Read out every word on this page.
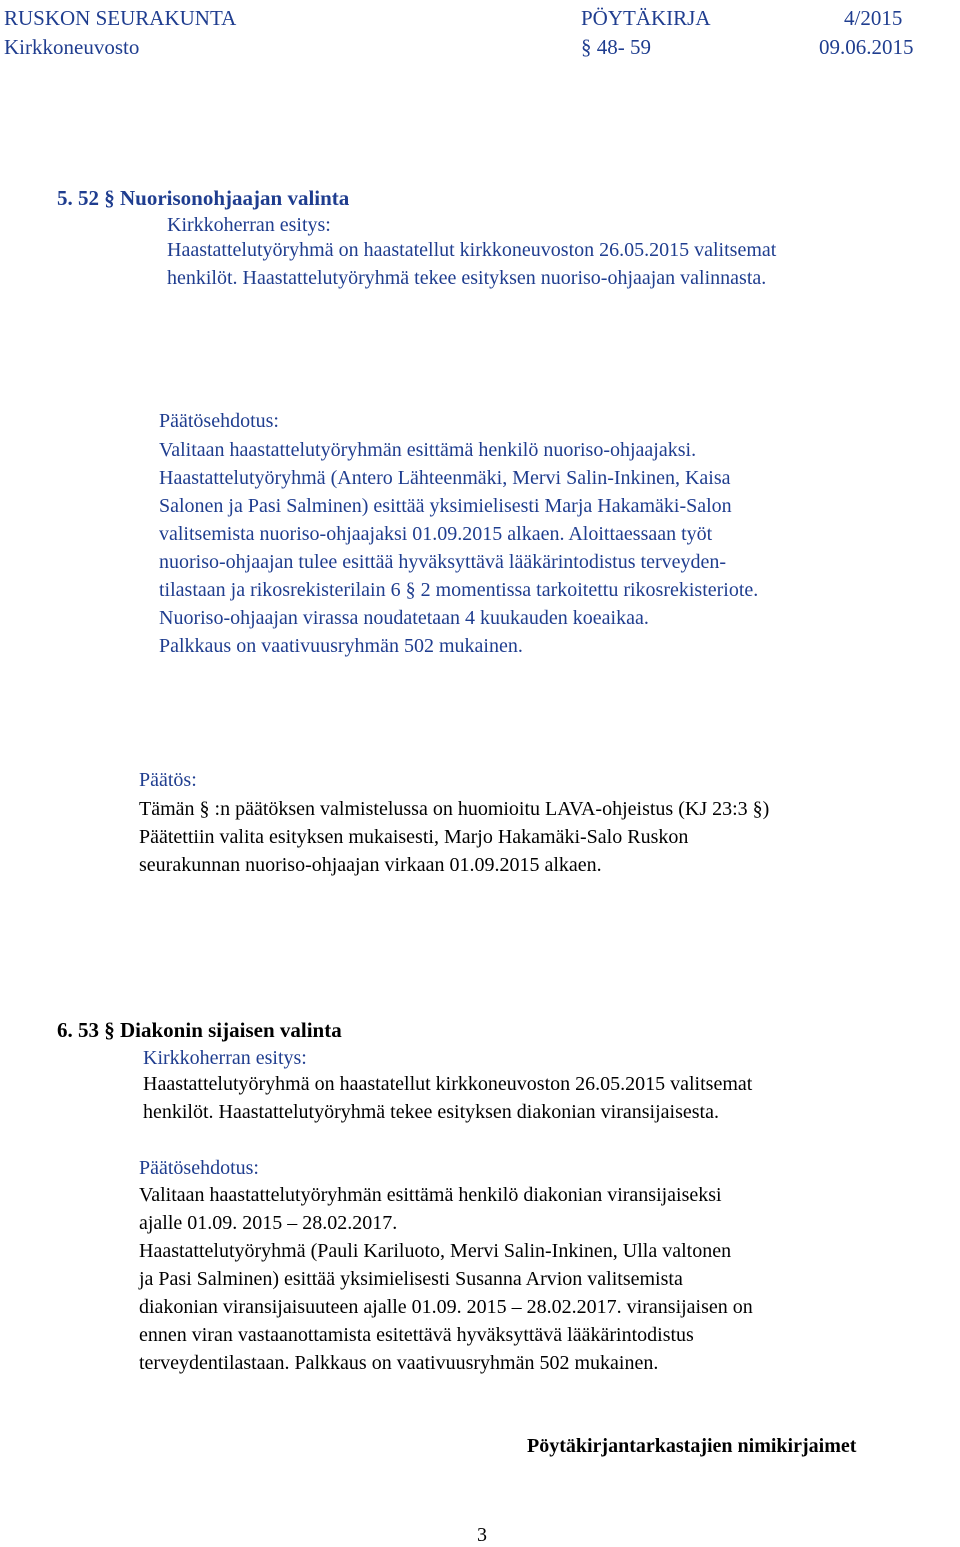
RUSKON SEURAKUNTA	PÖYTÄKIRJA	4/2015
Kirkkoneuvosto	§ 48- 59	09.06.2015
5. 52 § Nuorisonohjaajan valinta
Kirkkoherran esitys:
Haastattelutyöryhmä on haastatellut kirkkoneuvoston 26.05.2015 valitsemat
henkilöt. Haastattelutyöryhmä tekee esityksen nuoriso-ohjaajan valinnasta.
Päätösehdotus:
Valitaan haastattelutyöryhmän esittämä henkilö nuoriso-ohjaajaksi.
Haastattelutyöryhmä (Antero Lähteenmäki, Mervi Salin-Inkinen, Kaisa
Salonen ja Pasi Salminen) esittää yksimielisesti Marja Hakamäki-Salon
valitsemista nuoriso-ohjaajaksi 01.09.2015 alkaen. Aloittaessaan työt
nuoriso-ohjaajan tulee esittää hyväksyttävä lääkärintodistus terveyden-
tilastaan ja rikosrekisterilain 6 § 2 momentissa tarkoitettu rikosrekisteriote.
Nuoriso-ohjaajan virassa noudatetaan 4 kuukauden koeaikaa.
Palkkaus on vaativuusryhmän 502 mukainen.
Päätös:
Tämän § :n päätöksen valmistelussa on huomioitu LAVA-ohjeistus (KJ 23:3 §)
Päätettiin valita esityksen mukaisesti, Marjo Hakamäki-Salo Ruskon
seurakunnan nuoriso-ohjaajan virkaan 01.09.2015 alkaen.
6. 53 § Diakonin sijaisen valinta
Kirkkoherran esitys:
Haastattelutyöryhmä on haastatellut kirkkoneuvoston 26.05.2015 valitsemat
henkilöt. Haastattelutyöryhmä tekee esityksen diakonian viransijaisesta.
Päätösehdotus:
Valitaan haastattelutyöryhmän esittämä henkilö diakonian viransijaiseksi
ajalle 01.09. 2015 – 28.02.2017.
Haastattelutyöryhmä (Pauli Kariluoto, Mervi Salin-Inkinen, Ulla valtonen
ja Pasi Salminen) esittää yksimielisesti Susanna Arvion valitsemista
diakonian viransijaisuuteen ajalle 01.09. 2015 – 28.02.2017. viransijaisen on
ennen viran vastaanottamista esitettävä hyväksyttävä lääkärintodistus
terveydentilastaan. Palkkaus on vaativuusryhmän 502 mukainen.
Pöytäkirjantarkastajien nimikirjaimet
3
